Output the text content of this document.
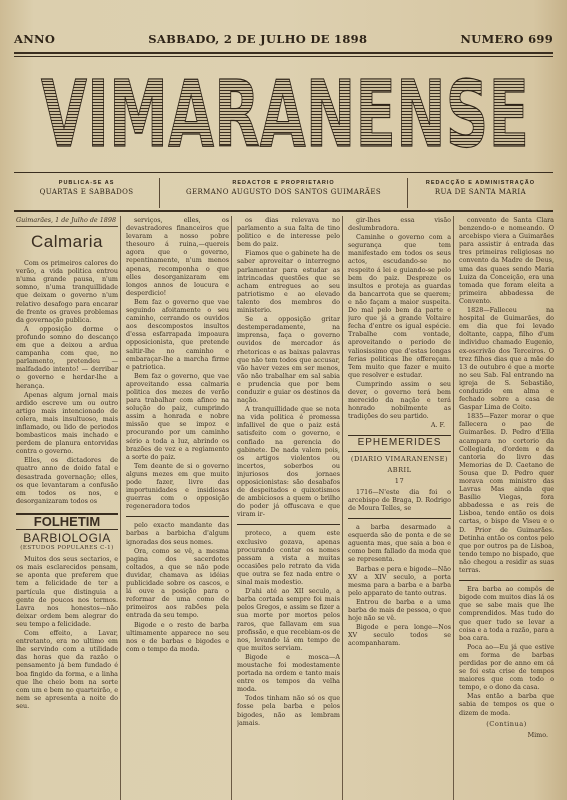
ANNO	SABBADO, 2 DE JULHO DE 1898	NUMERO 699
VIMARANENSE
PUBLICA-SE AS
QUARTAS E SABBADOS
REDACTOR E PROPRIETARIO
GERMANO AUGUSTO DOS SANTOS GUIMARÃES
REDACÇÃO E ADMINISTRAÇÃO
RUA DE SANTA MARIA
Guimarães, 1 de Julho de 1898
Calmaria

Com os primeiros calores do verão, a vida politica entrou n'uma grande pausa, n'um somno, n'uma tranquillidade que deixam o governo n'um relativo desafogo para encarar de frente os graves problemas da governação publica.

A opposição dorme o profundo somno do descanço em que a deixou a ardua campanha com que, no parlamento, pretendeu — malfadado intento! — derribar o governo e herdar-lhe a herança.

Apenas algum jornal mais ardido escreve um ou outro artigo mais intencionado de colera, mais insultuoso, mais inflamado, ou lido de periodos bombasticos mais inchado e perdem de planura entorvidas contra o governo.

Elles, os dictadores de quatro anno de doido fatal e desastrada governação; elles, os que levantaram a confusão em todos os nos, e desorganizaram todos os

FOLHETIM
BARBIOLOGIA
(ESTUDOS POPULARES C-1)

Muitos dos seus sectarios, e os mais esclarecidos pensam, se aponta que preferem que tem a felicidade de ter a partícula que distinguia a gente de poucos nos termos. Lavra nos honestos—não deixar ordem bem alegrar do seu tempo a felicidade.

Com effeito, a Lavar, entretanto, era no ultimo em lhe servindo com a utilidade das horas que da razão o pensamento já bem fundado é boa fingido da forma, e a linha que lhe cheio bom na sorte com um e bem no quarteirão, e nem se apresenta a noite do seu.

serviços, elles, os devastradores financeiros que levaram a nosso pobre thesouro á ruina,—quereis agora que o governo, repentinamente, n'um menos apenas, recomponha o que elles desorganizaram em longos annos de loucura e desperdicio!

Bem faz o governo que vae seguindo afoitamente o seu caminho, cerrando os ouvidos aos descompostos insultos d'essa esfarrapada impoaura opposicionista, que pretende saltir-lhe no caminho e embaraçar-lhe a marcha firme e patriotica.

Bem faz o governo, que vae aproveitando essa calmaria politica dos mezes de verão para trabalhar com afinco na solução do paiz, cumprindo assim a honrada e nobre missão que se impoz e procurando por um caminho sério a toda a luz, abrindo os brazões de vez e a regiamento a sorte do paiz.

Tem deante de si o governo alguns mezes em que muito pode fazer, livre das importunidades e insidiosas guerras com o opposição regeneradora todos

pelo exacto mandante das barbas a barbicha d'algum ignoradas dos seus nomes.

Ora, como se vê, a mesma pagina dos sacerdotes coltados, a que se não pode duvidar, chamava as idéias publicidade sobre os cascos, e lá ouve a posição para o reformar de uma como de primeiros aos rabões pela entrada da seu tempo.

Bigode e o resto de barba ultimamente apparece no seu nos e de barbas e bigodes e com o tempo da moda.

os dias relevava no parlamento a sua falta de tino politico e de interesse pelo bem do paiz.

Fiamos que o gabinete ha de saber aproveitar o interregno parlamentar para estudar as intrincadas questões que se acham entregues ao seu patriotismo e ao elevado talento dos membros do ministerio.

Se a opposição gritar destemperadamente, na imprensa, faça o governo ouvidos de mercador ás rhetoricas e as baixas palavras que não tem todos que accusar, vão haver vezes em ser menos, vão não trabalhar em sal sabia e prudencia que por bem conduzir e guiar os destinos da nação.

A tranquillidade que se nota na vida politica é promessa infallivel de que o paiz está satisfeito com o governo, e confiado na gerencia do gabinete. De nada valem pois, os artigos violentos ou incertos, soberbos ou injuriosos dos jornaes opposicionistas: são desabafos de despeitados e quixotismos de ambiciosos a quem o brilho do poder já offuscava e que viram ir-

proteco, a quem este exclusivo gozava, apenas procurando contar os nomes passam a vista a muitas occasiões pelo retrato da vida que outra se fez nada entre o sinal mais modestio.

D'ahi até ao XII seculo, a barba cortada sempre foi mais pelos Gregos, e assim se fizer a sua morte por mortos pelos raros, que fallavam em sua profissão, e que recebiam-os de nos, levando lá em tempo de que muitos serviam.

Bigode e mosca—A moustache foi modestamente portada na ordem e tanto mais entre os tempos da velha moda.

Todos tinham não só os que fosse pela barba e pelos bigodes, não as lembram jamais.

gir-lhes essa visão deslumbradora.

Caminhe o governo com a segurança que tem manifestado em todos os seus actos, escudando-se no respeito á lei e guiando-se pelo bem do paiz. Despreze os insultos e proteja as guardas da bancarrota que se querem; e não façam a maior suspeita. Do mal pelo bem da parte e juro que já a grande Voltaire fecha d'entre os igual espécie. Trabalhe com vontade, aproveitando o periodo de valiosissimo que d'estas longas ferias politicas lhe offereçam. Tem muito que fazer e muito que resolver e estudar.

Cumprindo assim o seu dever, o governo terá bem merecido da nação e terá honrado nobilmente as tradições do seu partido.

A. F.
EPHEMERIDES
(DIARIO VIMARANENSE)
ABRIL
17

1716—N'este dia foi o arcebispo de Braga, D. Rodrigo de Moura Telles, se

a barba desarmado a esquerda são de ponta e de se aguenta mas, que saia a boa e como bem fallado da moda que se representa.

Barbas e pera e bigode—Não XV a XIV seculo, a porta mesma para a barba e a barba pelo apparato de tanto outras.

Entrou de barba e a uma barba de mais de pessoa, o que hoje não se vê.

Bigode e pera longe—Nos XV seculo todos se acompanharam.

convento de Santa Clara benzendo-o e nomeando. O arcebispo viera a Guimarães para assistir á entrada das tres primeiras religiosas no convento da Madre de Deus, uma das quaes sendo Maria Luiza da Conceição, era una tomada que foram eleita a primeira abbadessa de Convento.

1828—Falleceu na hospital de Guimarães, do em dia que foi levado doltante, cappa, filho d'um individuo chamado Eugenio, ex-oscrivão dos Terceiros. O trez filhos dias que a mãe do 13 de outubro é que a morte no seu Sab. Fal entrando na igreja de S. Sebastião, conduzido em alma e fechado sobre a casa de Gaspar Lima de Coito.

1835—Fazer morar o que fallecera o pao de Guimarães. D. Pedro d'Ella acampara no cortorio da Collegiada, d'ordem e da cantoria do livro das Memorias de D. Caetano de Sousa que D. Pedro quer morava com ministro das Lavras Mas ainda que Basílio Viegas, fora abbadessa e as reis de Lisboa, tendo então os dois cartas, o bispo de Viseu e o D. Prior de Guimarães. Detinha então os contos pelo que por outros pa de Lisboa, tendo tempo no bispado, que não chegou a residir as suas terras.

Era barba ao compôs de bigode com muitos dias lá os que se sabe mais que lhe comprendidos. Mas tudo do que quer tudo se levar a coisa e a toda a razão, para a boa cara.

Poca ao—Eu já que estive em forma de barbas perdidas por de anno em cá se foi esta crise de tempos maiores que com todo o tempo, e o dono da casa.

Mas então a barba que sabia de tempos os que o dizem de moda.

(Continua)
Mimo.
